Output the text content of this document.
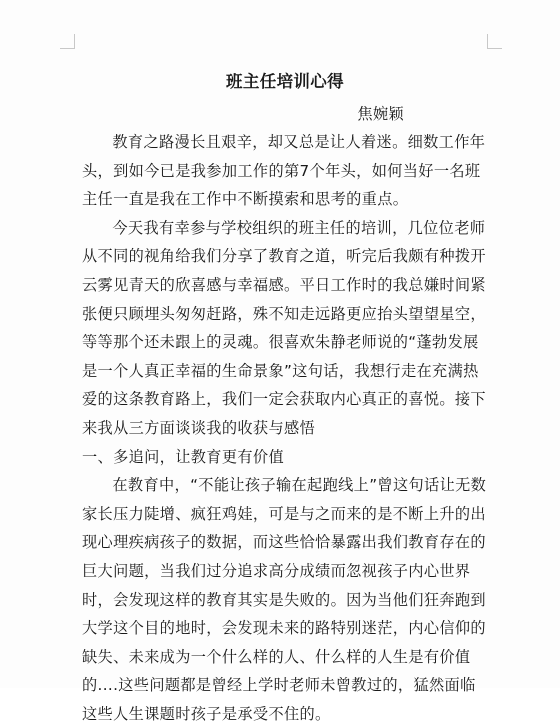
班主任培训心得
焦婉颖

教育之路漫长且艰辛，却又总是让人着迷。细数工作年头，到如今已是我参加工作的第7个年头，如何当好一名班主任一直是我在工作中不断摸索和思考的重点。

今天我有幸参与学校组织的班主任的培训，几位位老师从不同的视角给我们分享了教育之道，听完后我颇有种拨开云雾见青天的欣喜感与幸福感。平日工作时的我总嫌时间紧张便只顾埋头匆匆赶路，殊不知走远路更应抬头望望星空，等等那个还未跟上的灵魂。很喜欢朱静老师说的“蓬勃发展是一个人真正幸福的生命景象”这句话，我想行走在充满热爱的这条教育路上，我们一定会获取内心真正的喜悦。接下来我从三方面谈谈我的收获与感悟

一、多追问，让教育更有价值

在教育中，“不能让孩子输在起跑线上”曾这句话让无数家长压力陡增、疯狂鸡娃，可是与之而来的是不断上升的出现心理疾病孩子的数据，而这些恰恰暴露出我们教育存在的巨大问题，当我们过分追求高分成绩而忽视孩子内心世界时，会发现这样的教育其实是失败的。因为当他们狂奔跑到大学这个目的地时，会发现未来的路特别迷茫，内心信仰的缺失、未来成为一个什么样的人、什么样的人生是有价值的....这些问题都是曾经上学时老师未曾教过的，猛然面临这些人生课题时孩子是承受不住的。
